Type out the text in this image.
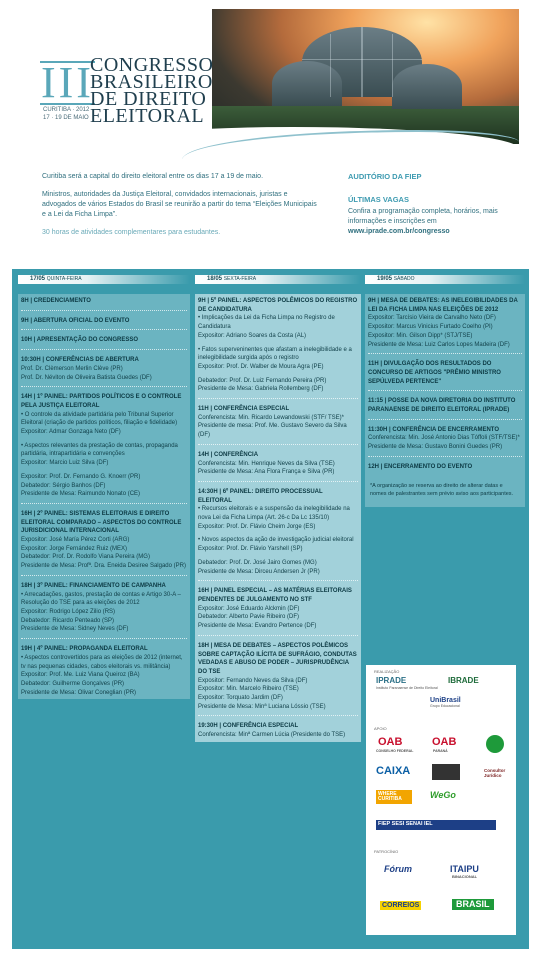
III
CONGRESSO
BRASILEIRO
DE DIREITO
ELEITORAL
CURITIBA · 2012
17 · 19 DE MAIO

Curitiba será a capital do direito eleitoral entre os dias 17 a 19 de maio.

Ministros, autoridades da Justiça Eleitoral, convidados internacionais, juristas e advogados de vários Estados do Brasil se reunirão a partir do tema “Eleições Municipais e a Lei da Ficha Limpa”.

30 horas de atividades complementares para estudantes.

AUDITÓRIO DA FIEP
ÚLTIMAS VAGAS
Confira a programação completa, horários, mais informações e inscrições em www.iprade.com.br/congresso
17/05 QUINTA-FEIRA
8H | CREDENCIAMENTO
9H | ABERTURA OFICIAL DO EVENTO
10H | APRESENTAÇÃO DO CONGRESSO
10:30H | CONFERÊNCIAS DE ABERTURA
Prof. Dr. Clèmerson Merlin Clève (PR)
Prof. Dr. Néviton de Oliveira Batista Guedes (DF)
14H | 1º PAINEL: PARTIDOS POLÍTICOS E O CONTROLE PELA JUSTIÇA ELEITORAL
• O controle da atividade partidária pelo Tribunal Superior Eleitoral (criação de partidos políticos, filiação e fidelidade)
Expositor: Admar Gonzaga Neto (DF)
• Aspectos relevantes da prestação de contas, propaganda partidária, intrapartidária e convenções
Expositor: Marcio Luiz Silva (DF)
Expositor: Prof. Dr. Fernando G. Knoerr (PR)
Debatedor: Sérgio Banhos (DF)
Presidente de Mesa: Raimundo Nonato (CE)
16H | 2º PAINEL: SISTEMAS ELEITORAIS E DIREITO ELEITORAL COMPARADO – ASPECTOS DO CONTROLE JURISDICIONAL INTERNACIONAL
Expositor: José María Pérez Corti (ARG)
Expositor: Jorge Fernández Ruiz (MEX)
Debatedor: Prof. Dr. Rodolfo Viana Pereira (MG)
Presidente de Mesa: Profª. Dra. Eneida Desiree Salgado (PR)
18H | 3º PAINEL: FINANCIAMENTO DE CAMPANHA
• Arrecadações, gastos, prestação de contas e Artigo 30-A – Resolução do TSE para as eleições de 2012
Expositor: Rodrigo López Zilio (RS)
Debatedor: Ricardo Penteado (SP)
Presidente de Mesa: Sidney Neves (DF)
19H | 4º PAINEL: PROPAGANDA ELEITORAL
• Aspectos controvertidos para as eleições de 2012 (internet, tv nas pequenas cidades, cabos eleitorais vs. militância)
Expositor: Prof. Me. Luiz Viana Queiroz (BA)
Debatedor: Guilherme Gonçalves (PR)
Presidente de Mesa: Olivar Coneglian (PR)
18/05 SEXTA-FEIRA
9H | 5º PAINEL: ASPECTOS POLÊMICOS DO REGISTRO DE CANDIDATURA
• Implicações da Lei da Ficha Limpa no Registro de Candidatura
Expositor: Adriano Soares da Costa (AL)
• Fatos superveninentes que afastam a inelegibilidade e a inelegibilidade surgida após o registro
Expositor: Prof. Dr. Walber de Moura Agra (PE)
Debatedor: Prof. Dr. Luiz Fernando Pereira (PR)
Presidente de Mesa: Gabriela Rollemberg (DF)
11H | CONFERÊNCIA ESPECIAL
Conferencista: Min. Ricardo Lewandowski (STF/ TSE)*
Presidente de mesa: Prof. Me. Gustavo Severo da Silva (DF)
14H | CONFERÊNCIA
Conferencista: Min. Henrique Neves da Silva (TSE)
Presidente de Mesa: Ana Flora França e Silva (PR)
14:30H | 6º PAINEL: DIREITO PROCESSUAL ELEITORAL
• Recursos eleitorais e a suspensão da inelegibilidade na nova Lei da Ficha Limpa (Art. 26-c Da Lc 135/10)
Expositor: Prof. Dr. Flávio Cheim Jorge (ES)
• Novos aspectos da ação de investigação judicial eleitoral
Expositor: Prof. Dr. Flávio Yarshell (SP)
Debatedor: Prof. Dr. José Jairo Gomes (MG)
Presidente de Mesa: Dirceu Andersen Jr (PR)
16H | PAINEL ESPECIAL – AS MATÉRIAS ELEITORAIS PENDENTES DE JULGAMENTO NO STF
Expositor: José Eduardo Alckmin (DF)
Debatedor: Alberto Pavie Ribeiro (DF)
Presidente de Mesa: Evandro Pertence (DF)
18H | MESA DE DEBATES – ASPECTOS POLÊMICOS SOBRE CAPTAÇÃO ILÍCITA DE SUFRÁGIO, CONDUTAS VEDADAS E ABUSO DE PODER – JURISPRUDÊNCIA DO TSE
Expositor: Fernando Neves da Silva (DF)
Expositor: Min. Marcelo Ribeiro (TSE)
Expositor: Torquato Jardim (DF)
Presidente de Mesa: Minª Luciana Lóssio (TSE)
19:30H | CONFERÊNCIA ESPECIAL
Conferencista: Minª Carmen Lúcia (Presidente do TSE)
19/05 SÁBADO
9H | MESA DE DEBATES: AS INELEGIBILIDADES DA LEI DA FICHA LIMPA NAS ELEIÇÕES DE 2012
Expositor: Tarcísio Vieira de Carvalho Neto (DF)
Expositor: Marcus Vinicius Furtado Coelho (PI)
Expositor: Min. Gilson Dipp* (STJ/TSE)
Presidente de Mesa: Luiz Carlos Lopes Madeira (DF)
11H | DIVULGAÇÃO DOS RESULTADOS DO CONCURSO DE ARTIGOS "PRÊMIO MINISTRO SEPÚLVEDA PERTENCE"
11:15 | POSSE DA NOVA DIRETORIA DO INSTITUTO PARANAENSE DE DIREITO ELEITORAL (IPRADE)
11:30H | CONFERÊNCIA DE ENCERRAMENTO
Conferencista: Min. José Antonio Dias Tóffoli (STF/TSE)*
Presidente de Mesa: Gustavo Bonini Guedes (PR)
12H | ENCERRAMENTO DO EVENTO
*A organização se reserva ao direito de alterar datas e nomes de palestrantes sem prévio aviso aos participantes.
REALIZAÇÃO
IPRADE
Instituto Paranaense de Direito Eleitoral
IBRADE
UniBrasil
Grupo Educacional
APOIO
OAB
CONSELHO FEDERAL
OAB
PARANÁ
CAIXA	Consultor Jurídico
WHERE CURITIBA	WeGo
FIEP SESI SENAI IEL
PATROCÍNIO
Fórum	ITAIPU
BINACIONAL
CORREIOS	BRASIL
